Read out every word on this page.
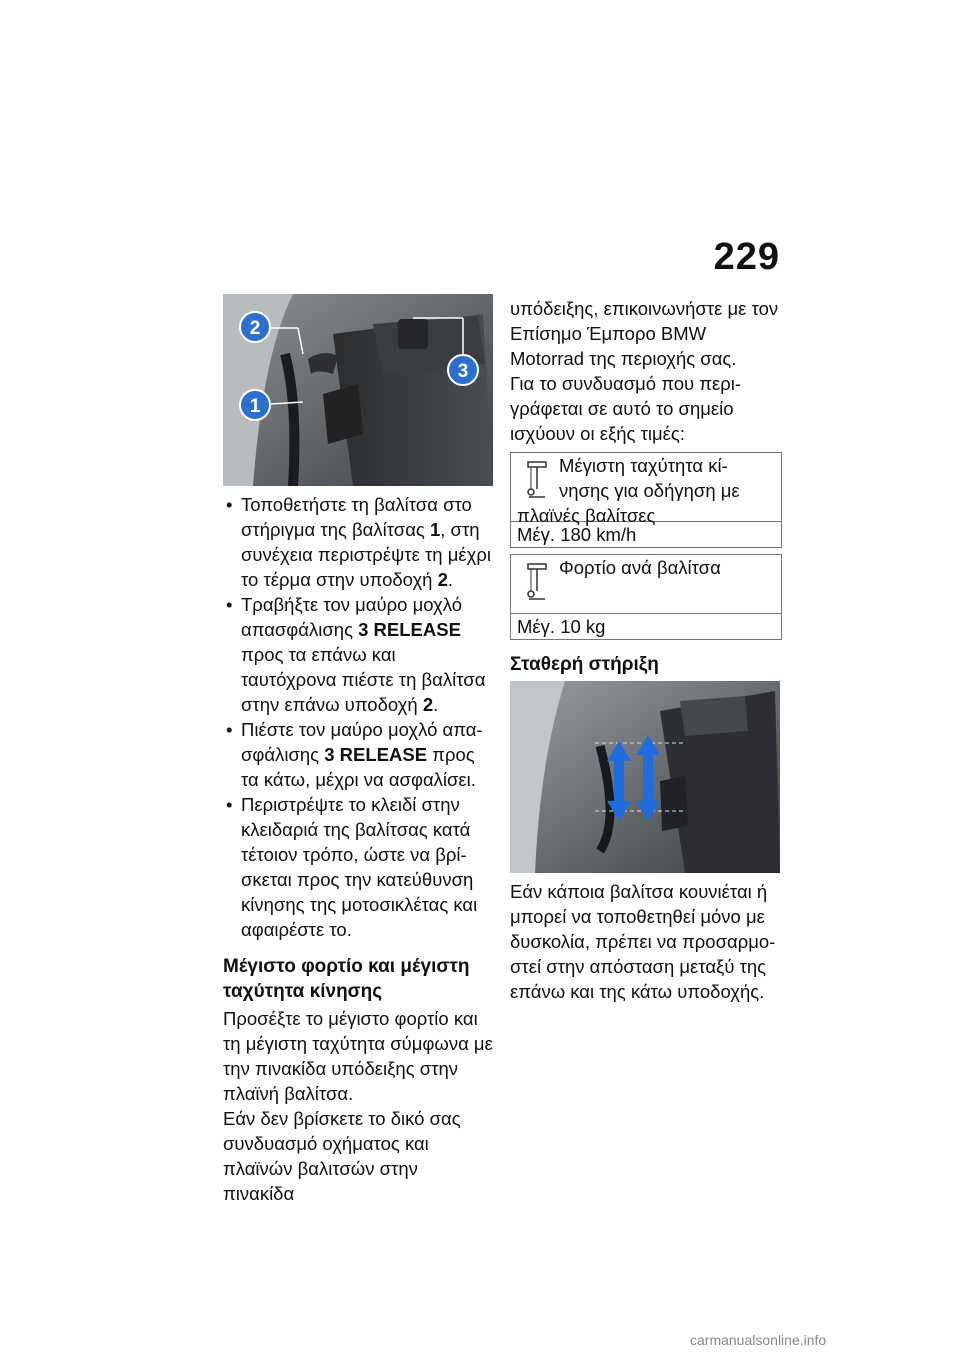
229
2
1
3
• Τοποθετήστε τη βαλίτσα στο στήριγμα της βαλίτσας 1, στη συνέχεια περιστρέψτε τη μέχρι το τέρμα στην υποδοχή 2.
• Τραβήξτε τον μαύρο μοχλό απασφάλισης 3 RELEASE προς τα επάνω και ταυτόχρονα πιέστε τη βαλίτσα στην επάνω υποδοχή 2.
• Πιέστε τον μαύρο μοχλό απα-σφάλισης 3 RELEASE προς τα κάτω, μέχρι να ασφαλίσει.
• Περιστρέψτε το κλειδί στην κλειδαριά της βαλίτσας κατά τέτοιον τρόπο, ώστε να βρί-σκεται προς την κατεύθυνση κίνησης της μοτοσικλέτας και αφαιρέστε το.
Μέγιστο φορτίο και μέγιστη ταχύτητα κίνησης

Προσέξτε το μέγιστο φορτίο και τη μέγιστη ταχύτητα σύμφωνα με την πινακίδα υπόδειξης στην πλαϊνή βαλίτσα.

Εάν δεν βρίσκετε το δικό σας συνδυασμό οχήματος και πλαϊνών βαλιτσών στην πινακίδα

υπόδειξης, επικοινωνήστε με τον Επίσημο Έμπορο BMW Motorrad της περιοχής σας.

Για το συνδυασμό που περι-γράφεται σε αυτό το σημείο ισχύουν οι εξής τιμές:

Μέγιστη ταχύτητα κί-
νησης για οδήγηση με
πλαϊνές βαλίτσες

Μέγ. 180 km/h
Φορτίο ανά βαλίτσα

Μέγ. 10 kg
Σταθερή στήριξη

Εάν κάποια βαλίτσα κουνιέται ή μπορεί να τοποθετηθεί μόνο με δυσκολία, πρέπει να προσαρμο-στεί στην απόσταση μεταξύ της επάνω και της κάτω υποδοχής.

carmanualsonline.info
